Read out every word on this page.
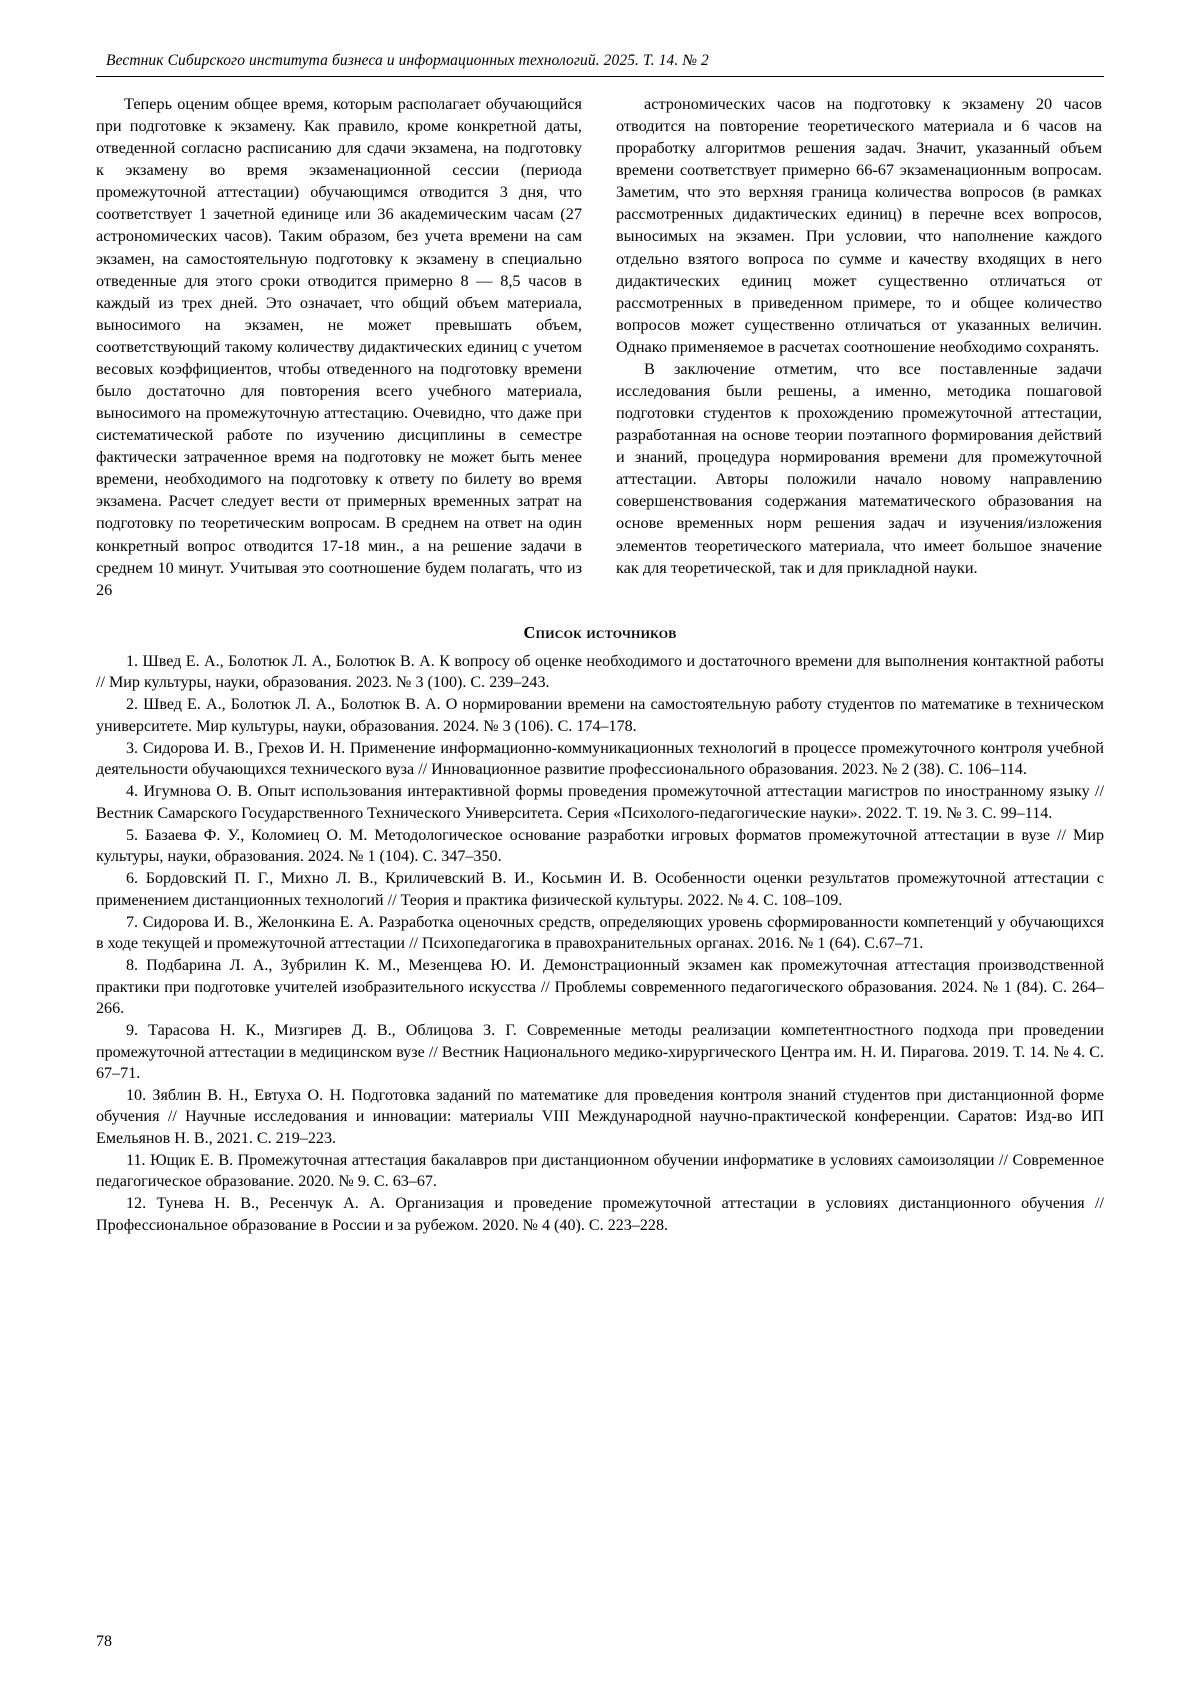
Вестник Сибирского института бизнеса и информационных технологий. 2025. Т. 14. № 2

Теперь оценим общее время, которым располагает обучающийся при подготовке к экзамену. Как правило, кроме конкретной даты, отведенной согласно расписанию для сдачи экзамена, на подготовку к экзамену во время экзаменационной сессии (периода промежуточной аттестации) обучающимся отводится 3 дня, что соответствует 1 зачетной единице или 36 академическим часам (27 астрономических часов). Таким образом, без учета времени на сам экзамен, на самостоятельную подготовку к экзамену в специально отведенные для этого сроки отводится примерно 8 — 8,5 часов в каждый из трех дней. Это означает, что общий объем материала, выносимого на экзамен, не может превышать объем, соответствующий такому количеству дидактических единиц с учетом весовых коэффициентов, чтобы отведенного на подготовку времени было достаточно для повторения всего учебного материала, выносимого на промежуточную аттестацию. Очевидно, что даже при систематической работе по изучению дисциплины в семестре фактически затраченное время на подготовку не может быть менее времени, необходимого на подготовку к ответу по билету во время экзамена. Расчет следует вести от примерных временных затрат на подготовку по теоретическим вопросам. В среднем на ответ на один конкретный вопрос отводится 17-18 мин., а на решение задачи в среднем 10 минут. Учитывая это соотношение будем полагать, что из 26

астрономических часов на подготовку к экзамену 20 часов отводится на повторение теоретического материала и 6 часов на проработку алгоритмов решения задач. Значит, указанный объем времени соответствует примерно 66-67 экзаменационным вопросам. Заметим, что это верхняя граница количества вопросов (в рамках рассмотренных дидактических единиц) в перечне всех вопросов, выносимых на экзамен. При условии, что наполнение каждого отдельно взятого вопроса по сумме и качеству входящих в него дидактических единиц может существенно отличаться от рассмотренных в приведенном примере, то и общее количество вопросов может существенно отличаться от указанных величин. Однако применяемое в расчетах соотношение необходимо сохранять.

В заключение отметим, что все поставленные задачи исследования были решены, а именно, методика пошаговой подготовки студентов к прохождению промежуточной аттестации, разработанная на основе теории поэтапного формирования действий и знаний, процедура нормирования времени для промежуточной аттестации. Авторы положили начало новому направлению совершенствования содержания математического образования на основе временных норм решения задач и изучения/изложения элементов теоретического материала, что имеет большое значение как для теоретической, так и для прикладной науки.

Список источников

1. Швед Е. А., Болотюк Л. А., Болотюк В. А. К вопросу об оценке необходимого и достаточного времени для выполнения контактной работы // Мир культуры, науки, образования. 2023. № 3 (100). С. 239–243.

2. Швед Е. А., Болотюк Л. А., Болотюк В. А. О нормировании времени на самостоятельную работу студентов по математике в техническом университете. Мир культуры, науки, образования. 2024. № 3 (106). С. 174–178.

3. Сидорова И. В., Грехов И. Н. Применение информационно-коммуникационных технологий в процессе промежуточного контроля учебной деятельности обучающихся технического вуза // Инновационное развитие профессионального образования. 2023. № 2 (38). С. 106–114.

4. Игумнова О. В. Опыт использования интерактивной формы проведения промежуточной аттестации магистров по иностранному языку // Вестник Самарского Государственного Технического Университета. Серия «Психолого-педагогические науки». 2022. Т. 19. № 3. С. 99–114.

5. Базаева Ф. У., Коломиец О. М. Методологическое основание разработки игровых форматов промежуточной аттестации в вузе // Мир культуры, науки, образования. 2024. № 1 (104). С. 347–350.

6. Бордовский П. Г., Михно Л. В., Криличевский В. И., Косьмин И. В. Особенности оценки результатов промежуточной аттестации с применением дистанционных технологий // Теория и практика физической культуры. 2022. № 4. С. 108–109.

7. Сидорова И. В., Желонкина Е. А. Разработка оценочных средств, определяющих уровень сформированности компетенций у обучающихся в ходе текущей и промежуточной аттестации // Психопедагогика в правохранительных органах. 2016. № 1 (64). С.67–71.

8. Подбарина Л. А., Зубрилин К. М., Мезенцева Ю. И. Демонстрационный экзамен как промежуточная аттестация производственной практики при подготовке учителей изобразительного искусства // Проблемы современного педагогического образования. 2024. № 1 (84). С. 264–266.

9. Тарасова Н. К., Мизгирев Д. В., Облицова З. Г. Современные методы реализации компетентностного подхода при проведении промежуточной аттестации в медицинском вузе // Вестник Национального медико-хирургического Центра им. Н. И. Пирагова. 2019. Т. 14. № 4. С. 67–71.

10. Зяблин В. Н., Евтуха О. Н. Подготовка заданий по математике для проведения контроля знаний студентов при дистанционной форме обучения // Научные исследования и инновации: материалы VIII Международной научно-практической конференции. Саратов: Изд-во ИП Емельянов Н. В., 2021. С. 219–223.

11. Ющик Е. В. Промежуточная аттестация бакалавров при дистанционном обучении информатике в условиях самоизоляции // Современное педагогическое образование. 2020. № 9. С. 63–67.

12. Тунева Н. В., Ресенчук А. А. Организация и проведение промежуточной аттестации в условиях дистанционного обучения // Профессиональное образование в России и за рубежом. 2020. № 4 (40). С. 223–228.

78
